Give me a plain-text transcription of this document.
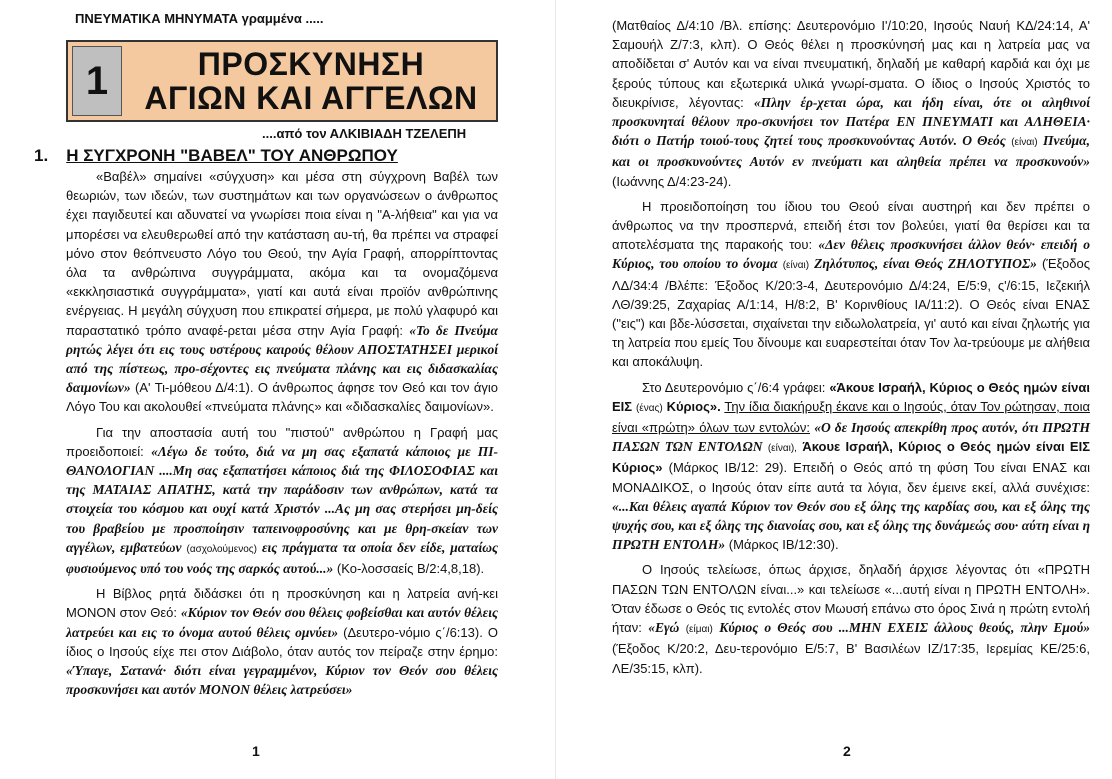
ΠΝΕΥΜΑΤΙΚΑ ΜΗΝΥΜΑΤΑ γραμμένα .....
1	ΠΡΟΣΚΥΝΗΣΗ
ΑΓΙΩΝ ΚΑΙ ΑΓΓΕΛΩΝ
....από τον ΑΛΚΙΒΙΑΔΗ ΤΖΕΛΕΠΗ
1. Η ΣΥΓΧΡΟΝΗ "ΒΑΒΕΛ" ΤΟΥ ΑΝΘΡΩΠΟΥ

«Βαβέλ» σημαίνει «σύγχυση» και μέσα στη σύγχρονη Βαβέλ των θεωριών, των ιδεών, των συστημάτων και των οργανώσεων ο άνθρωπος έχει παγιδευτεί και αδυνατεί να γνωρίσει ποια είναι η "Α-λήθεια" και για να μπορέσει να ελευθερωθεί από την κατάσταση αυ-τή, θα πρέπει να στραφεί μόνο στον θεόπνευστο Λόγο του Θεού, την Αγία Γραφή, απορρίπτοντας όλα τα ανθρώπινα συγγράμματα, ακόμα και τα ονομαζόμενα «εκκλησιαστικά συγγράμματα», γιατί και αυτά είναι προϊόν ανθρώπινης ενέργειας. Η μεγάλη σύγχυση που επικρατεί σήμερα, με πολύ γλαφυρό και παραστατικό τρόπο αναφέ-ρεται μέσα στην Αγία Γραφή: «Το δε Πνεύμα ρητώς λέγει ότι εις τους υστέρους καιρούς θέλουν ΑΠΟΣΤΑΤΗΣΕΙ μερικοί από της πίστεως, προ-σέχοντες εις πνεύματα πλάνης και εις διδασκαλίας δαιμονίων» (Α' Τι-μόθεου Δ/4:1). Ο άνθρωπος άφησε τον Θεό και τον άγιο Λόγο Του και ακολουθεί «πνεύματα πλάνης» και «διδασκαλίες δαιμονίων».

Για την αποστασία αυτή του "πιστού" ανθρώπου η Γραφή μας προειδοποιεί: «Λέγω δε τούτο, διά να μη σας εξαπατά κάποιος με ΠΙ-ΘΑΝΟΛΟΓΙΑΝ ....Μη σας εξαπατήσει κάποιος διά της ΦΙΛΟΣΟΦΙΑΣ και της ΜΑΤΑΙΑΣ ΑΠΑΤΗΣ, κατά την παράδοσιν των ανθρώπων, κατά τα στοιχεία του κόσμου και ουχί κατά Χριστόν ...Ας μη σας στερήσει μη-δείς του βραβείου με προσποίησιν ταπεινοφροσύνης και με θρη-σκείαν των αγγέλων, εμβατεύων (ασχολούμενος) εις πράγματα τα οποία δεν είδε, ματαίως φυσιούμενος υπό του νοός της σαρκός αυτού...» (Κο-λοσσαείς Β/2:4,8,18).

Η Βίβλος ρητά διδάσκει ότι η προσκύνηση και η λατρεία ανή-κει ΜΟΝΟΝ στον Θεό: «Κύριον τον Θεόν σου θέλεις φοβείσθαι και αυτόν θέλεις λατρεύει και εις το όνομα αυτού θέλεις ομνύει» (Δευτερο-νόμιο ς΄/6:13). Ο ίδιος ο Ιησούς είχε πει στον Διάβολο, όταν αυτός τον πείραζε στην έρημο: «Ύπαγε, Σατανά· διότι είναι γεγραμμένον, Κύριον τον Θεόν σου θέλεις προσκυνήσει και αυτόν ΜΟΝΟΝ θέλεις λατρεύσει»

1

(Ματθαίος Δ/4:10 /Βλ. επίσης: Δευτερονόμιο Ι'/10:20, Ιησούς Ναυή ΚΔ/24:14, Α' Σαμουήλ Ζ/7:3, κλπ). Ο Θεός θέλει η προσκύνησή μας και η λατρεία μας να αποδίδεται σ' Αυτόν και να είναι πνευματική, δηλαδή με καθαρή καρδιά και όχι με ξερούς τύπους και εξωτερικά υλικά γνωρί-σματα. Ο ίδιος ο Ιησούς Χριστός το διευκρίνισε, λέγοντας: «Πλην έρ-χεται ώρα, και ήδη είναι, ότε οι αληθινοί προσκυνηταί θέλουν προ-σκυνήσει τον Πατέρα ΕΝ ΠΝΕΥΜΑΤΙ και ΑΛΗΘΕΙΑ· διότι ο Πατήρ τοιού-τους ζητεί τους προσκυνούντας Αυτόν. Ο Θεός (είναι) Πνεύμα, και οι προσκυνούντες Αυτόν εν πνεύματι και αληθεία πρέπει να προσκυνούν» (Ιωάννης Δ/4:23-24).

Η προειδοποίηση του ίδιου του Θεού είναι αυστηρή και δεν πρέπει ο άνθρωπος να την προσπερνά, επειδή έτσι τον βολεύει, γιατί θα θερίσει και τα αποτελέσματα της παρακοής του: «Δεν θέλεις προσκυνήσει άλλον θεόν· επειδή ο Κύριος, του οποίου το όνομα (είναι) Ζηλότυπος, είναι Θεός ΖΗΛΟΤΥΠΟΣ» (Έξοδος ΛΔ/34:4 /Βλέπε: Έξοδος Κ/20:3-4, Δευτερονόμιο Δ/4:24, Ε/5:9, ς'/6:15, Ιεζεκιήλ ΛΘ/39:25, Ζαχαρίας Α/1:14, Η/8:2, Β' Κορινθίους ΙΑ/11:2). Ο Θεός είναι ΕΝΑΣ ("εις") και βδε-λύσσεται, σιχαίνεται την ειδωλολατρεία, γι' αυτό και είναι ζηλωτής για τη λατρεία που εμείς Του δίνουμε και ευαρεστείται όταν Τον λα-τρεύουμε με αλήθεια και αποκάλυψη.

Στο Δευτερονόμιο ς΄/6:4 γράφει: «Άκουε Ισραήλ, Κύριος ο Θεός ημών είναι ΕΙΣ (ένας) Κύριος». Την ίδια διακήρυξη έκανε και ο Ιησούς, όταν Τον ρώτησαν, ποια είναι «πρώτη» όλων των εντολών: «Ο δε Ιησούς απεκρίθη προς αυτόν, ότι ΠΡΩΤΗ ΠΑΣΩΝ ΤΩΝ ΕΝΤΟΛΩΝ (είναι), Άκουε Ισραήλ, Κύριος ο Θεός ημών είναι ΕΙΣ Κύριος» (Μάρκος ΙΒ/12: 29). Επειδή ο Θεός από τη φύση Του είναι ΕΝΑΣ και ΜΟΝΑΔΙΚΟΣ, ο Ιησούς όταν είπε αυτά τα λόγια, δεν έμεινε εκεί, αλλά συνέχισε: «...Και θέλεις αγαπά Κύριον τον Θεόν σου εξ όλης της καρδίας σου, και εξ όλης της ψυχής σου, και εξ όλης της διανοίας σου, και εξ όλης της δυνάμεώς σου· αύτη είναι η ΠΡΩΤΗ ΕΝΤΟΛΗ» (Μάρκος ΙΒ/12:30).

Ο Ιησούς τελείωσε, όπως άρχισε, δηλαδή άρχισε λέγοντας ότι «ΠΡΩΤΗ ΠΑΣΩΝ ΤΩΝ ΕΝΤΟΛΩΝ είναι...» και τελείωσε «...αυτή είναι η ΠΡΩΤΗ ΕΝΤΟΛΗ». Όταν έδωσε ο Θεός τις εντολές στον Μωυσή επάνω στο όρος Σινά η πρώτη εντολή ήταν: «Εγώ (είμαι) Κύριος ο Θεός σου ...ΜΗΝ ΕΧΕΙΣ άλλους θεούς, πλην Εμού» (Έξοδος Κ/20:2, Δευ-τερονόμιο Ε/5:7, Β' Βασιλέων ΙΖ/17:35, Ιερεμίας ΚΕ/25:6, ΛΕ/35:15, κλπ).

2
